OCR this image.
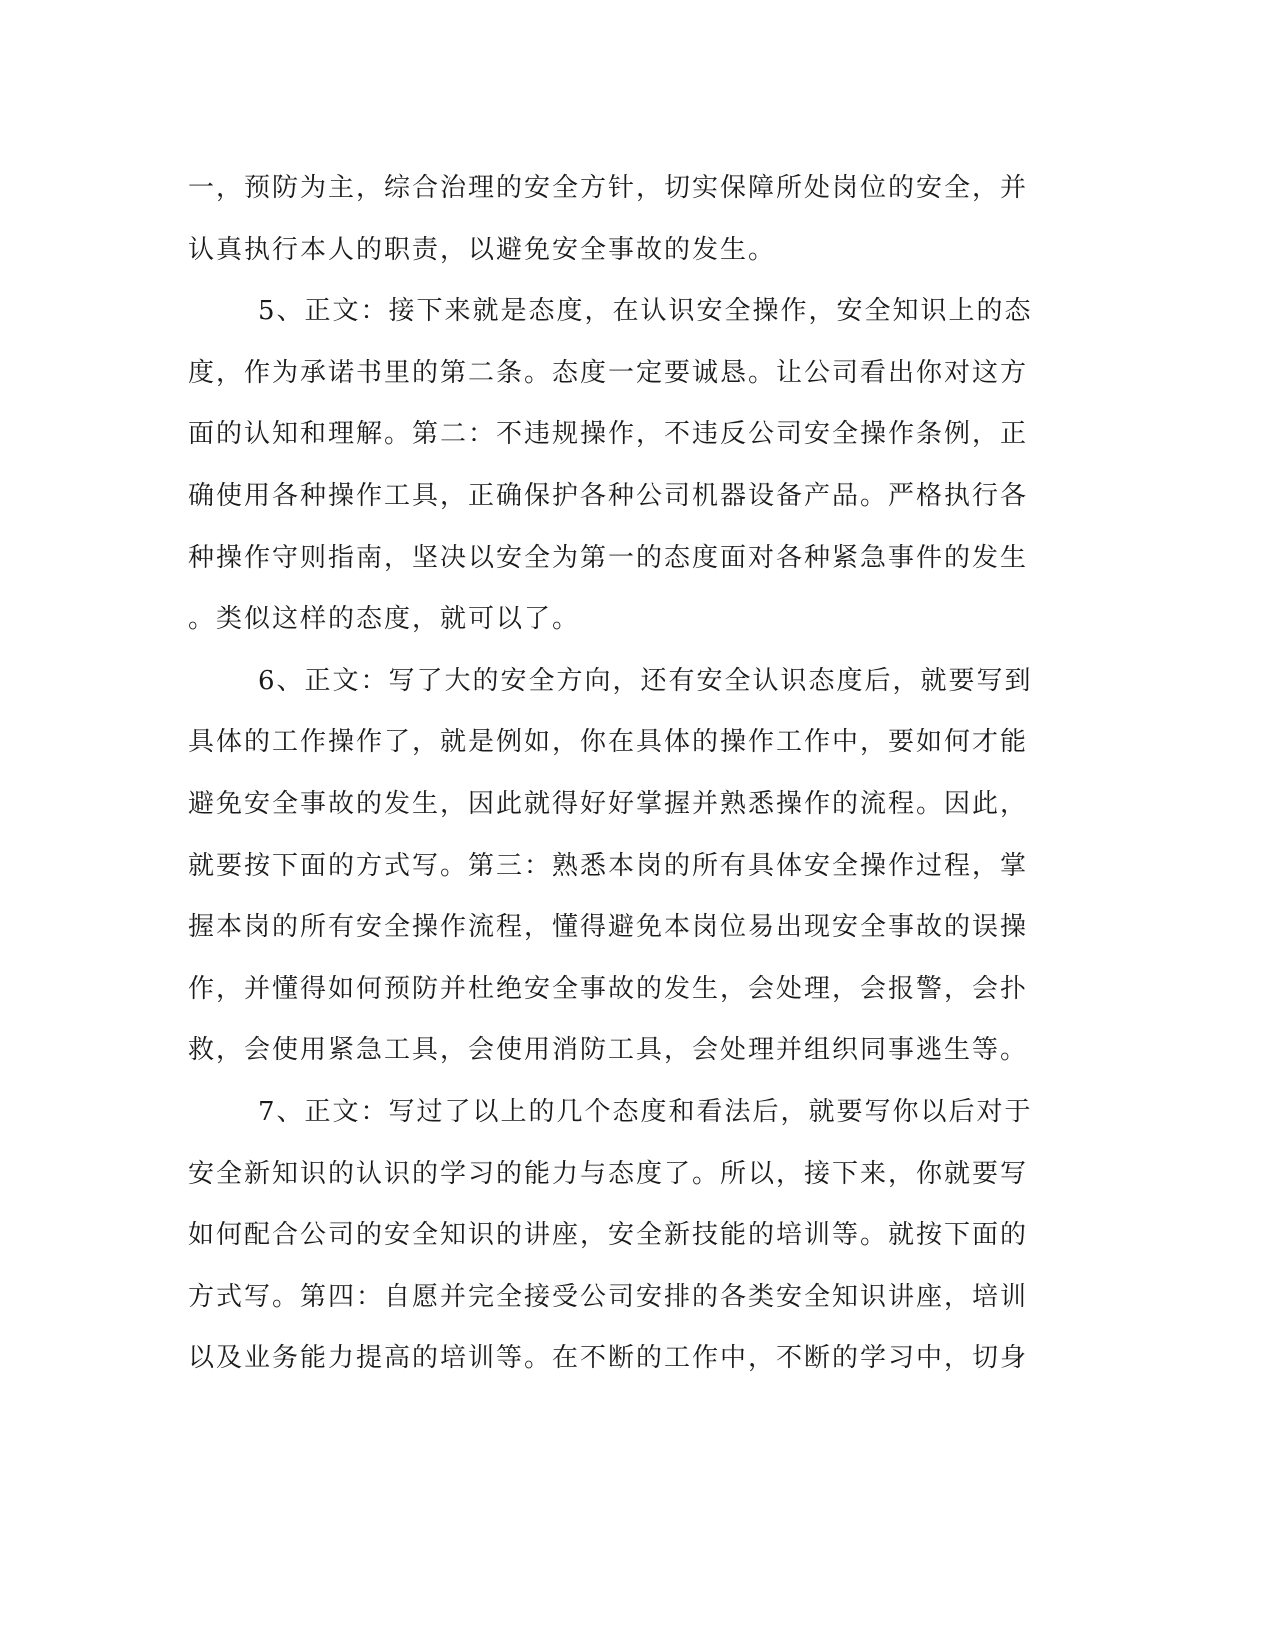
一，预防为主，综合治理的安全方针，切实保障所处岗位的安全，并
认真执行本人的职责，以避免安全事故的发生。
5、正文：接下来就是态度，在认识安全操作，安全知识上的态
度，作为承诺书里的第二条。态度一定要诚恳。让公司看出你对这方
面的认知和理解。第二：不违规操作，不违反公司安全操作条例，正
确使用各种操作工具，正确保护各种公司机器设备产品。严格执行各
种操作守则指南，坚决以安全为第一的态度面对各种紧急事件的发生
。类似这样的态度，就可以了。
6、正文：写了大的安全方向，还有安全认识态度后，就要写到
具体的工作操作了，就是例如，你在具体的操作工作中，要如何才能
避免安全事故的发生，因此就得好好掌握并熟悉操作的流程。因此，
就要按下面的方式写。第三：熟悉本岗的所有具体安全操作过程，掌
握本岗的所有安全操作流程，懂得避免本岗位易出现安全事故的误操
作，并懂得如何预防并杜绝安全事故的发生，会处理，会报警，会扑
救，会使用紧急工具，会使用消防工具，会处理并组织同事逃生等。
7、正文：写过了以上的几个态度和看法后，就要写你以后对于
安全新知识的认识的学习的能力与态度了。所以，接下来，你就要写
如何配合公司的安全知识的讲座，安全新技能的培训等。就按下面的
方式写。第四：自愿并完全接受公司安排的各类安全知识讲座，培训
以及业务能力提高的培训等。在不断的工作中，不断的学习中，切身
